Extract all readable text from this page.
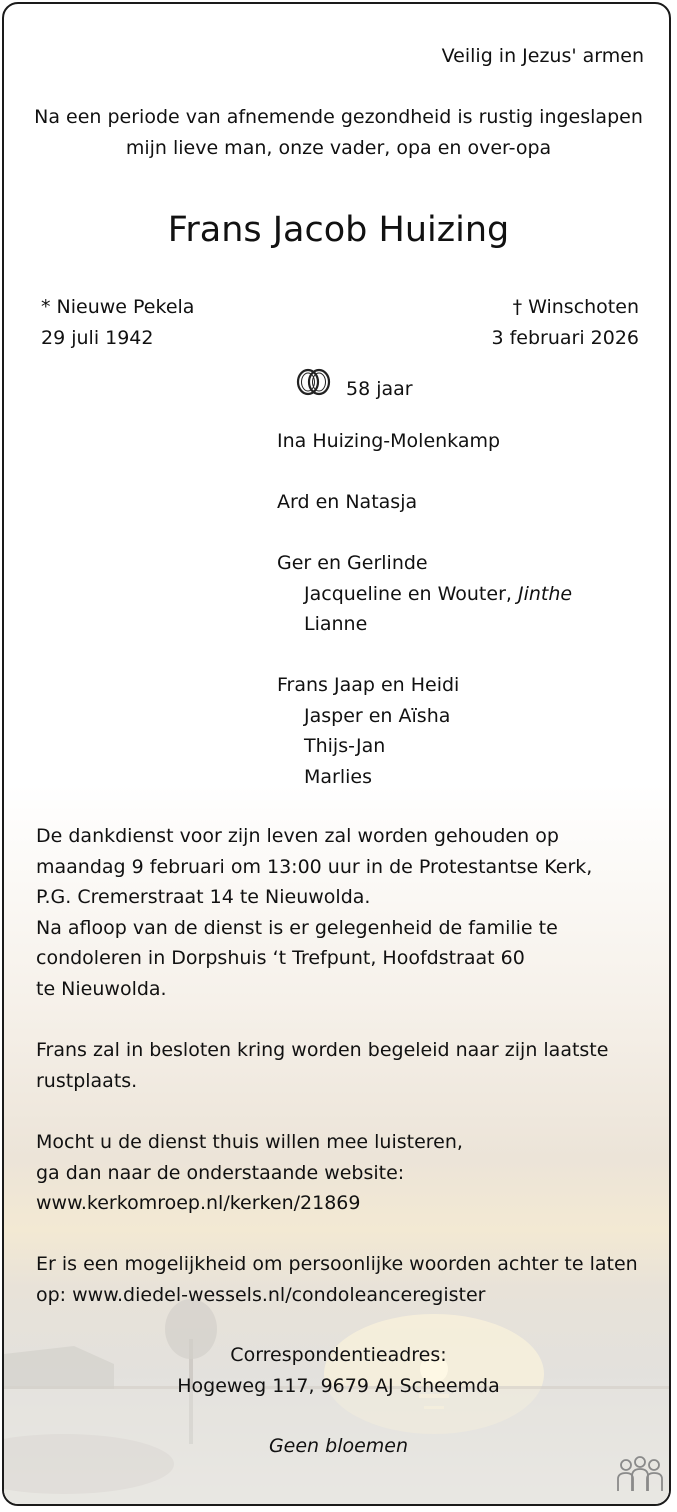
Veilig in Jezus' armen

Na een periode van afnemende gezondheid is rustig ingeslapen
mijn lieve man, onze vader, opa en over-opa
Frans Jacob Huizing
* Nieuwe Pekela
29 juli 1942
† Winschoten
3 februari 2026

58 jaar

Ina Huizing-Molenkamp

Ard en Natasja

Ger en Gerlinde
Jacqueline en Wouter, Jinthe
Lianne

Frans Jaap en Heidi
Jasper en Aïsha
Thijs-Jan
Marlies
De dankdienst voor zijn leven zal worden gehouden op
maandag 9 februari om 13:00 uur in de Protestantse Kerk,
P.G. Cremerstraat 14 te Nieuwolda.
Na afloop van de dienst is er gelegenheid de familie te
condoleren in Dorpshuis ‘t Trefpunt, Hoofdstraat 60
te Nieuwolda.
Frans zal in besloten kring worden begeleid naar zijn laatste
rustplaats.
Mocht u de dienst thuis willen mee luisteren,
ga dan naar de onderstaande website:
www.kerkomroep.nl/kerken/21869
Er is een mogelijkheid om persoonlijke woorden achter te laten
op: www.diedel-wessels.nl/condoleanceregister
Correspondentieadres:
Hogeweg 117, 9679 AJ Scheemda

Geen bloemen
